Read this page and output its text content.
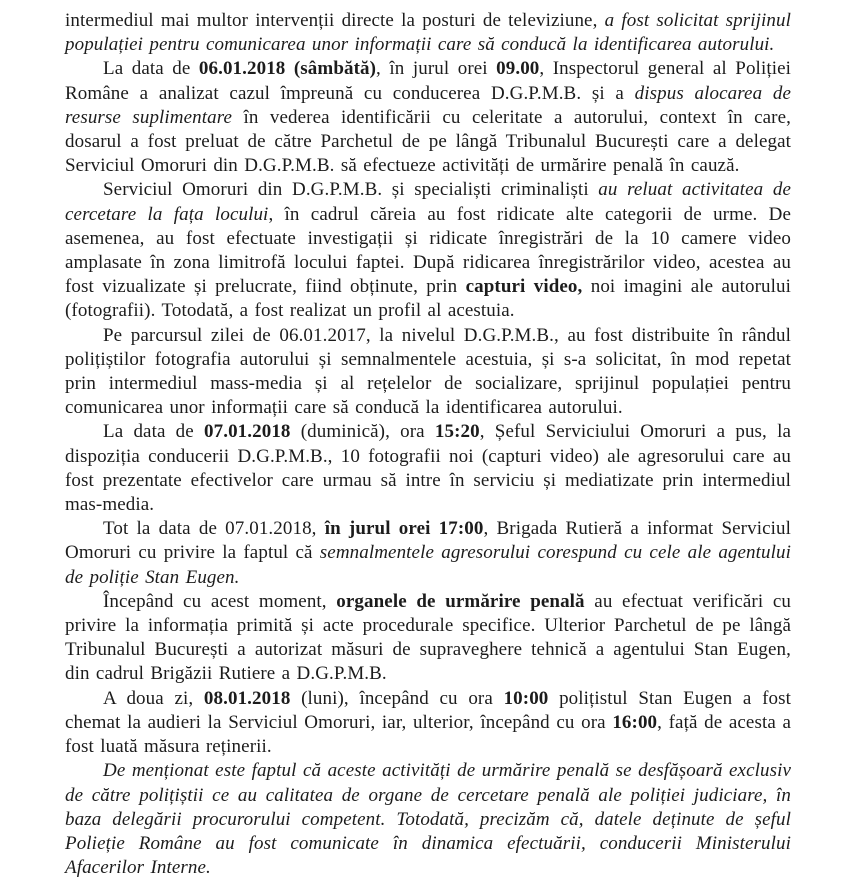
intermediul mai multor intervenții directe la posturi de televiziune, a fost solicitat sprijinul populației pentru comunicarea unor informații care să conducă la identificarea autorului.

La data de 06.01.2018 (sâmbătă), în jurul orei 09.00, Inspectorul general al Poliției Române a analizat cazul împreună cu conducerea D.G.P.M.B. și a dispus alocarea de resurse suplimentare în vederea identificării cu celeritate a autorului, context în care, dosarul a fost preluat de către Parchetul de pe lângă Tribunalul București care a delegat Serviciul Omoruri din D.G.P.M.B. să efectueze activități de urmărire penală în cauză.

Serviciul Omoruri din D.G.P.M.B. și specialiști criminaliști au reluat activitatea de cercetare la fața locului, în cadrul căreia au fost ridicate alte categorii de urme. De asemenea, au fost efectuate investigații și ridicate înregistrări de la 10 camere video amplasate în zona limitrofă locului faptei. După ridicarea înregistrărilor video, acestea au fost vizualizate și prelucrate, fiind obținute, prin capturi video, noi imagini ale autorului (fotografii). Totodată, a fost realizat un profil al acestuia.

Pe parcursul zilei de 06.01.2017, la nivelul D.G.P.M.B., au fost distribuite în rândul polițiștilor fotografia autorului și semnalmentele acestuia, și s-a solicitat, în mod repetat prin intermediul mass-media și al rețelelor de socializare, sprijinul populației pentru comunicarea unor informații care să conducă la identificarea autorului.

La data de 07.01.2018 (duminică), ora 15:20, Șeful Serviciului Omoruri a pus, la dispoziția conducerii D.G.P.M.B., 10 fotografii noi (capturi video) ale agresorului care au fost prezentate efectivelor care urmau să intre în serviciu și mediatizate prin intermediul mas-media.

Tot la data de 07.01.2018, în jurul orei 17:00, Brigada Rutieră a informat Serviciul Omoruri cu privire la faptul că semnalmentele agresorului corespund cu cele ale agentului de poliție Stan Eugen.

Începând cu acest moment, organele de urmărire penală au efectuat verificări cu privire la informația primită și acte procedurale specifice. Ulterior Parchetul de pe lângă Tribunalul București a autorizat măsuri de supraveghere tehnică a agentului Stan Eugen, din cadrul Brigăzii Rutiere a D.G.P.M.B.

A doua zi, 08.01.2018 (luni), începând cu ora 10:00 polițistul Stan Eugen a fost chemat la audieri la Serviciul Omoruri, iar, ulterior, începând cu ora 16:00, față de acesta a fost luată măsura reținerii.

De menționat este faptul că aceste activități de urmărire penală se desfășoară exclusiv de către polițiștii ce au calitatea de organe de cercetare penală ale poliției judiciare, în baza delegării procurorului competent. Totodată, precizăm că, datele deținute de șeful Polieție Române au fost comunicate în dinamica efectuării, conducerii Ministerului Afacerilor Interne.
